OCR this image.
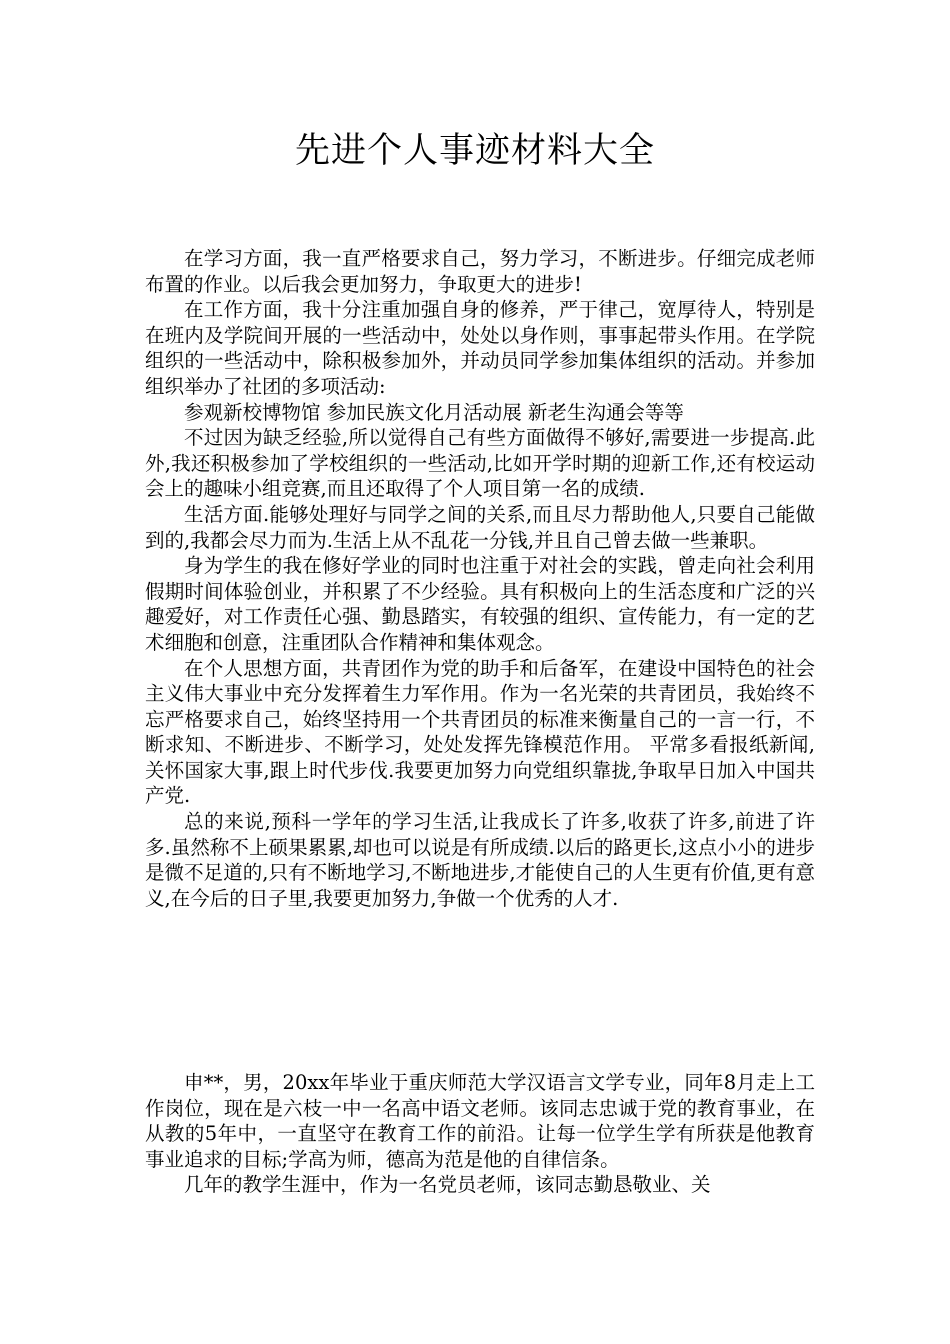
先进个人事迹材料大全

在学习方面，我一直严格要求自己，努力学习，不断进步。仔细完成老师布置的作业。以后我会更加努力，争取更大的进步!

在工作方面，我十分注重加强自身的修养，严于律己，宽厚待人，特别是在班内及学院间开展的一些活动中，处处以身作则，事事起带头作用。在学院组织的一些活动中，除积极参加外，并动员同学参加集体组织的活动。并参加组织举办了社团的多项活动:

参观新校博物馆 参加民族文化月活动展 新老生沟通会等等

不过因为缺乏经验,所以觉得自己有些方面做得不够好,需要进一步提高.此外,我还积极参加了学校组织的一些活动,比如开学时期的迎新工作,还有校运动会上的趣味小组竞赛,而且还取得了个人项目第一名的成绩.

生活方面.能够处理好与同学之间的关系,而且尽力帮助他人,只要自己能做到的,我都会尽力而为.生活上从不乱花一分钱,并且自己曾去做一些兼职。

身为学生的我在修好学业的同时也注重于对社会的实践，曾走向社会利用假期时间体验创业，并积累了不少经验。具有积极向上的生活态度和广泛的兴趣爱好，对工作责任心强、勤恳踏实，有较强的组织、宣传能力，有一定的艺术细胞和创意，注重团队合作精神和集体观念。

在个人思想方面，共青团作为党的助手和后备军，在建设中国特色的社会主义伟大事业中充分发挥着生力军作用。作为一名光荣的共青团员，我始终不忘严格要求自己，始终坚持用一个共青团员的标准来衡量自己的一言一行，不断求知、不断进步、不断学习，处处发挥先锋模范作用。 平常多看报纸新闻,关怀国家大事,跟上时代步伐.我要更加努力向党组织靠拢,争取早日加入中国共产党.

总的来说,预科一学年的学习生活,让我成长了许多,收获了许多,前进了许多.虽然称不上硕果累累,却也可以说是有所成绩.以后的路更长,这点小小的进步是微不足道的,只有不断地学习,不断地进步,才能使自己的人生更有价值,更有意义,在今后的日子里,我要更加努力,争做一个优秀的人才.

申**，男，20xx年毕业于重庆师范大学汉语言文学专业，同年8月走上工作岗位，现在是六枝一中一名高中语文老师。该同志忠诚于党的教育事业，在从教的5年中，一直坚守在教育工作的前沿。让每一位学生学有所获是他教育事业追求的目标;学高为师，德高为范是他的自律信条。

几年的教学生涯中，作为一名党员老师，该同志勤恳敬业、关
